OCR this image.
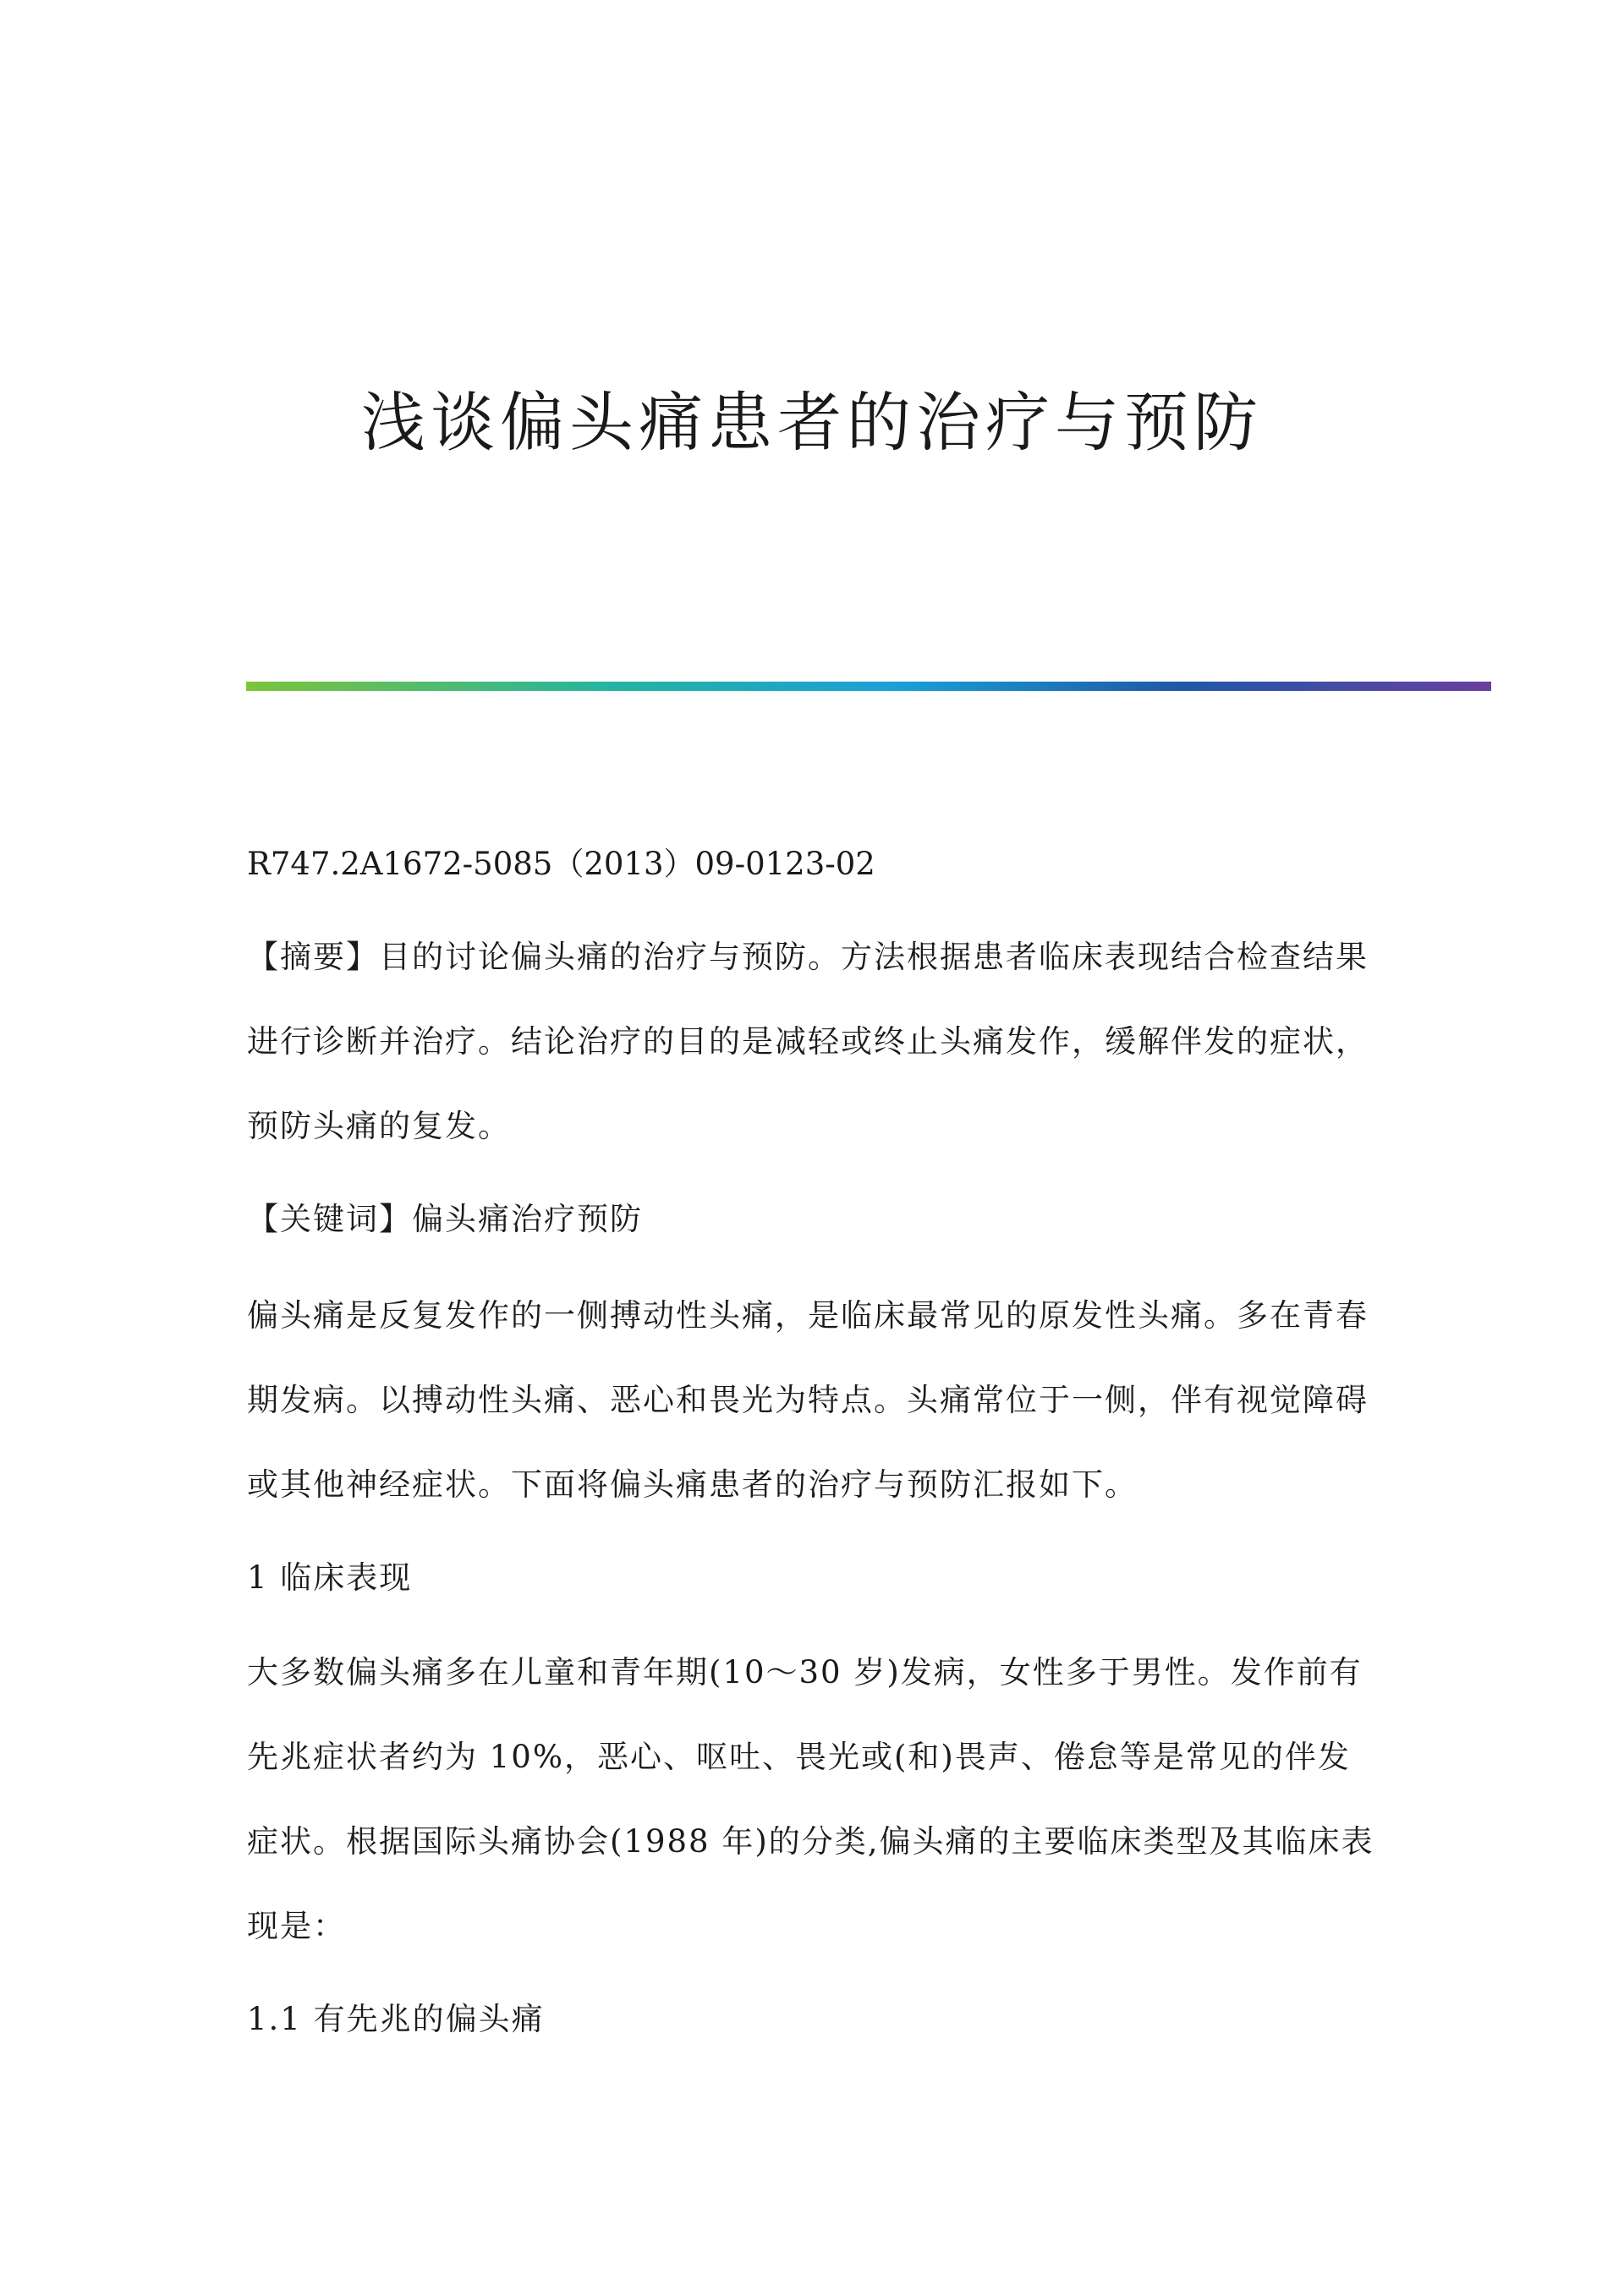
浅谈偏头痛患者的治疗与预防

R747.2A1672-5085（2013）09-0123-02

【摘要】目的讨论偏头痛的治疗与预防。方法根据患者临床表现结合检查结果进行诊断并治疗。结论治疗的目的是减轻或终止头痛发作，缓解伴发的症状，预防头痛的复发。

【关键词】偏头痛治疗预防

偏头痛是反复发作的一侧搏动性头痛，是临床最常见的原发性头痛。多在青春期发病。以搏动性头痛、恶心和畏光为特点。头痛常位于一侧，伴有视觉障碍或其他神经症状。下面将偏头痛患者的治疗与预防汇报如下。

1 临床表现

大多数偏头痛多在儿童和青年期(10～30 岁)发病，女性多于男性。发作前有先兆症状者约为 10%，恶心、呕吐、畏光或(和)畏声、倦怠等是常见的伴发症状。根据国际头痛协会(1988 年)的分类,偏头痛的主要临床类型及其临床表现是：

1.1 有先兆的偏头痛
